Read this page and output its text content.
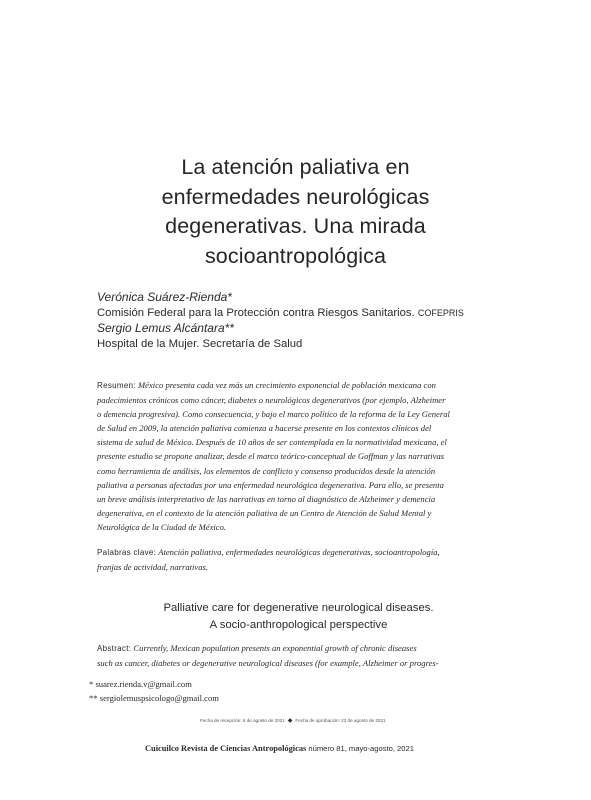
La atención paliativa en
enfermedades neurológicas
degenerativas. Una mirada
socioantropológica
Verónica Suárez-Rienda*
Comisión Federal para la Protección contra Riesgos Sanitarios. COFEPRIS
Sergio Lemus Alcántara**
Hospital de la Mujer. Secretaría de Salud
Resumen: México presenta cada vez más un crecimiento exponencial de población mexicana con
padecimientos crónicos como cáncer, diabetes o neurológicos degenerativos (por ejemplo, Alzheimer
o demencia progresiva). Como consecuencia, y bajo el marco político de la reforma de la Ley General
de Salud en 2009, la atención paliativa comienza a hacerse presente en los contextos clínicos del
sistema de salud de México. Después de 10 años de ser contemplada en la normatividad mexicana, el
presente estudio se propone analizar, desde el marco teórico-conceptual de Goffman y las narrativas
como herramienta de análisis, los elementos de conflicto y consenso producidos desde la atención
paliativa a personas afectadas por una enfermedad neurológica degenerativa. Para ello, se presenta
un breve análisis interpretativo de las narrativas en torno al diagnóstico de Alzheimer y demencia
degenerativa, en el contexto de la atención paliativa de un Centro de Atención de Salud Mental y
Neurológica de la Ciudad de México.
Palabras clave: Atención paliativa, enfermedades neurológicas degenerativas, socioantropología,
franjas de actividad, narrativas.
Palliative care for degenerative neurological diseases.
A socio-anthropological perspective
Abstract: Currently, Mexican population presents an exponential growth of chronic diseases
such as cancer, diabetes or degenerative neurological diseases (for example, Alzheimer or progres-
* suarez.rienda.v@gmail.com
** sergiolemuspsicologo@gmail.com
Fecha de recepción: 6 de agosto de 2021 ◆ Fecha de aprobación: 23 de agosto de 2021
Cuicuilco Revista de Ciencias Antropológicas número 81, mayo-agosto, 2021
